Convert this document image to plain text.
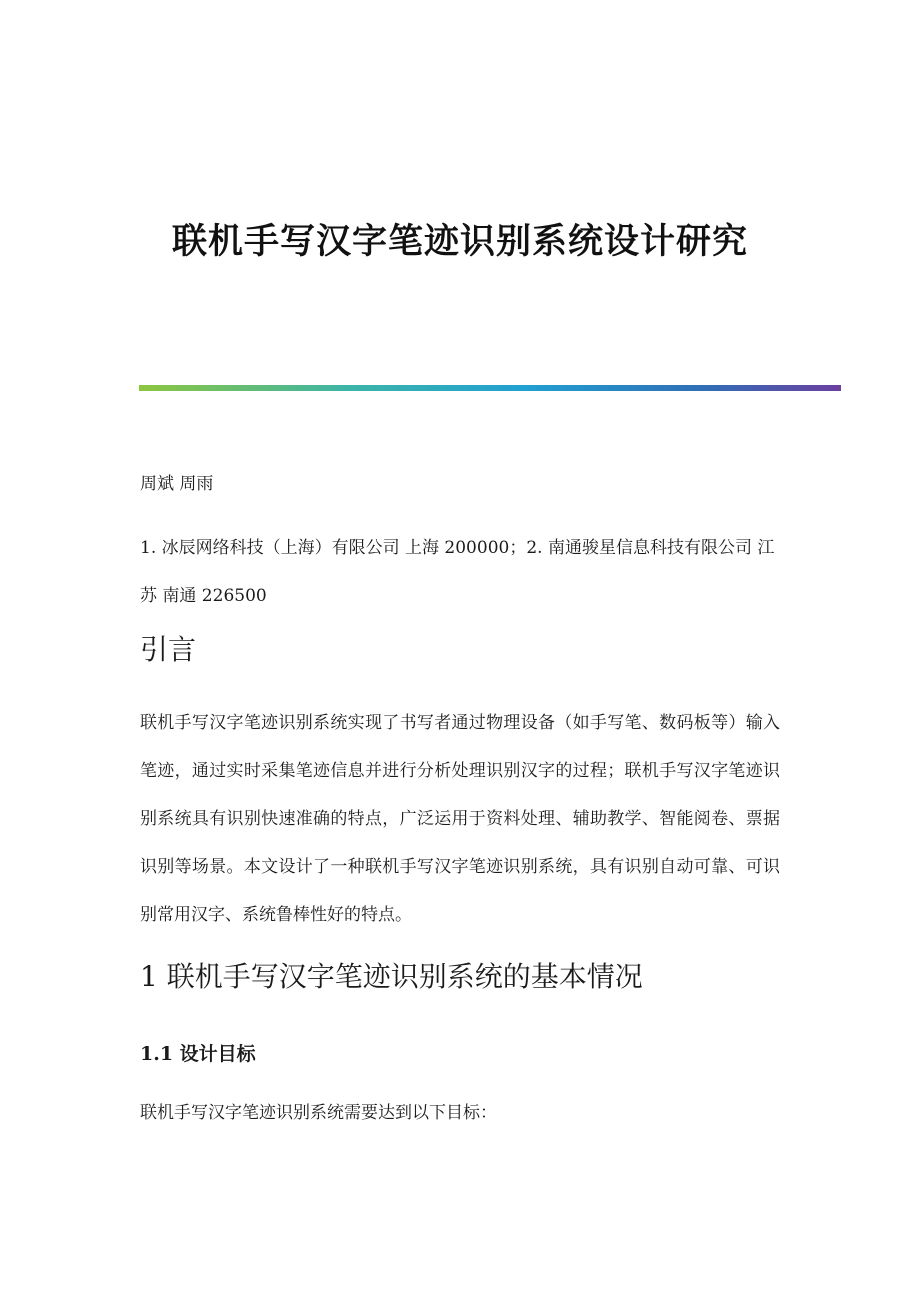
联机手写汉字笔迹识别系统设计研究
周斌 周雨
1. 冰辰网络科技（上海）有限公司 上海 200000；2. 南通骏星信息科技有限公司 江苏 南通 226500
引言
联机手写汉字笔迹识别系统实现了书写者通过物理设备（如手写笔、数码板等）输入笔迹，通过实时采集笔迹信息并进行分析处理识别汉字的过程；联机手写汉字笔迹识别系统具有识别快速准确的特点，广泛运用于资料处理、辅助教学、智能阅卷、票据识别等场景。本文设计了一种联机手写汉字笔迹识别系统，具有识别自动可靠、可识别常用汉字、系统鲁棒性好的特点。
1 联机手写汉字笔迹识别系统的基本情况
1.1 设计目标
联机手写汉字笔迹识别系统需要达到以下目标：
